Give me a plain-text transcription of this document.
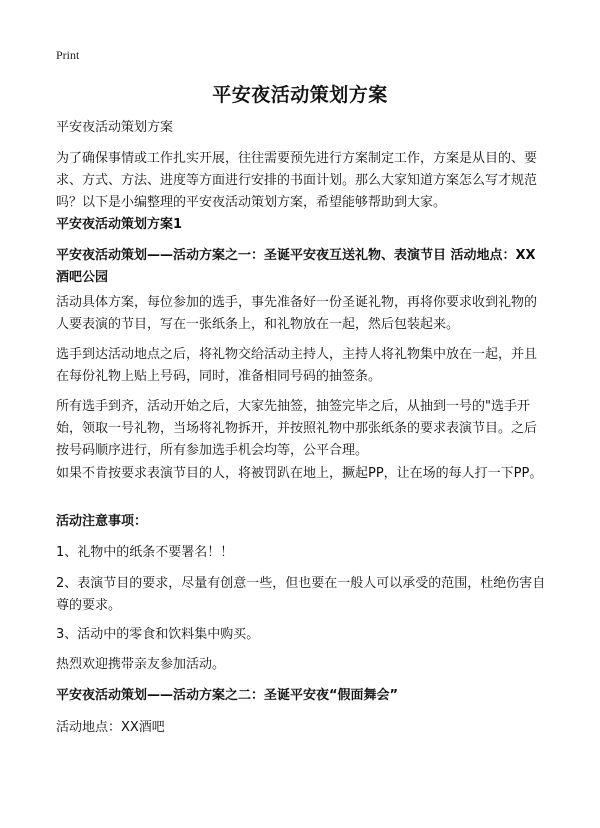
Print
平安夜活动策划方案

平安夜活动策划方案

为了确保事情或工作扎实开展，往往需要预先进行方案制定工作，方案是从目的、要求、方式、方法、进度等方面进行安排的书面计划。那么大家知道方案怎么写才规范吗？以下是小编整理的平安夜活动策划方案，希望能够帮助到大家。

平安夜活动策划方案1

平安夜活动策划——活动方案之一：圣诞平安夜互送礼物、表演节目 活动地点：XX酒吧公园

活动具体方案，每位参加的选手，事先准备好一份圣诞礼物，再将你要求收到礼物的人要表演的节目，写在一张纸条上，和礼物放在一起，然后包装起来。

选手到达活动地点之后，将礼物交给活动主持人，主持人将礼物集中放在一起，并且在每份礼物上贴上号码，同时，准备相同号码的抽签条。

所有选手到齐，活动开始之后，大家先抽签，抽签完毕之后，从抽到一号的"选手开始，领取一号礼物，当场将礼物拆开，并按照礼物中那张纸条的要求表演节目。之后按号码顺序进行，所有参加选手机会均等，公平合理。

如果不肯按要求表演节目的人，将被罚趴在地上，撅起PP，让在场的每人打一下PP。

活动注意事项：

1、礼物中的纸条不要署名！！

2、表演节目的要求，尽量有创意一些，但也要在一般人可以承受的范围，杜绝伤害自尊的要求。

3、活动中的零食和饮料集中购买。

热烈欢迎携带亲友参加活动。

平安夜活动策划——活动方案之二：圣诞平安夜“假面舞会”

活动地点：XX酒吧
